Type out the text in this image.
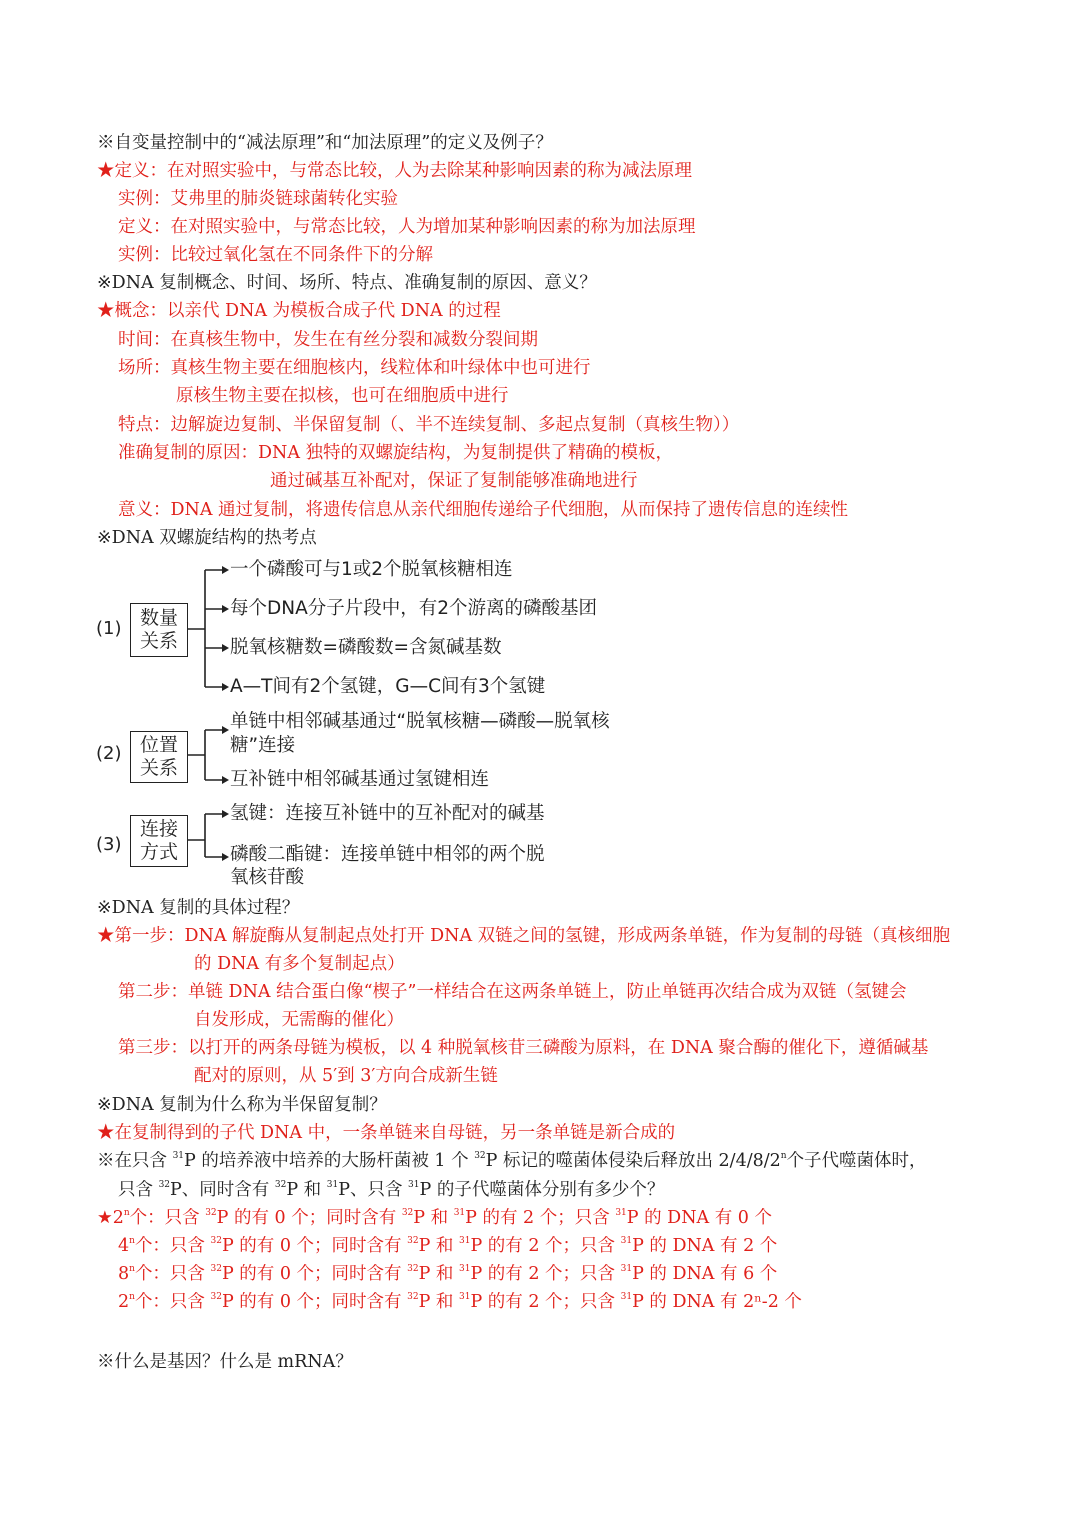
※自变量控制中的“减法原理”和“加法原理”的定义及例子？
★定义：在对照实验中，与常态比较，人为去除某种影响因素的称为减法原理
实例：艾弗里的肺炎链球菌转化实验
定义：在对照实验中，与常态比较，人为增加某种影响因素的称为加法原理
实例：比较过氧化氢在不同条件下的分解
※DNA 复制概念、时间、场所、特点、准确复制的原因、意义？
★概念：以亲代 DNA 为模板合成子代 DNA 的过程
时间：在真核生物中，发生在有丝分裂和减数分裂间期
场所：真核生物主要在细胞核内，线粒体和叶绿体中也可进行
原核生物主要在拟核，也可在细胞质中进行
特点：边解旋边复制、半保留复制（、半不连续复制、多起点复制（真核生物））
准确复制的原因：DNA 独特的双螺旋结构，为复制提供了精确的模板，
通过碱基互补配对，保证了复制能够准确地进行
意义：DNA 通过复制，将遗传信息从亲代细胞传递给子代细胞，从而保持了遗传信息的连续性
※DNA 双螺旋结构的热考点
(1) 数量
关系
一个磷酸可与1或2个脱氧核糖相连
每个DNA分子片段中，有2个游离的磷酸基团
脱氧核糖数=磷酸数=含氮碱基数
A—T间有2个氢键，G—C间有3个氢键
(2) 位置
关系
单链中相邻碱基通过“脱氧核糖—磷酸—脱氧核
糖”连接
互补链中相邻碱基通过氢键相连
(3)
连接
方式
氢键：连接互补链中的互补配对的碱基
磷酸二酯键：连接单链中相邻的两个脱
氧核苷酸
※DNA 复制的具体过程？
★第一步：DNA 解旋酶从复制起点处打开 DNA 双链之间的氢键，形成两条单链，作为复制的母链（真核细胞
的 DNA 有多个复制起点）
第二步：单链 DNA 结合蛋白像“楔子”一样结合在这两条单链上，防止单链再次结合成为双链（氢键会
自发形成，无需酶的催化）
第三步：以打开的两条母链为模板，以 4 种脱氧核苷三磷酸为原料，在 DNA 聚合酶的催化下，遵循碱基
配对的原则，从 5′到 3′方向合成新生链
※DNA 复制为什么称为半保留复制？
★在复制得到的子代 DNA 中，一条单链来自母链，另一条单链是新合成的
※在只含 $^{31}$P 的培养液中培养的大肠杆菌被 1 个 $^{32}$P 标记的噬菌体侵染后释放出 2/4/8/2$^n$个子代噬菌体时，
只含 $^{32}$P、同时含有 $^{32}$P 和 $^{31}$P、只含 $^{31}$P 的子代噬菌体分别有多少个？
★2$^n$个：只含 $^{32}$P 的有 0 个；同时含有 $^{32}$P 和 $^{31}$P 的有 2 个；只含 $^{31}$P 的 DNA 有 0 个
4$^n$个：只含 $^{32}$P 的有 0 个；同时含有 $^{32}$P 和 $^{31}$P 的有 2 个；只含 $^{31}$P 的 DNA 有 2 个
8$^n$个：只含 $^{32}$P 的有 0 个；同时含有 $^{32}$P 和 $^{31}$P 的有 2 个；只含 $^{31}$P 的 DNA 有 6 个
2$^n$个：只含 $^{32}$P 的有 0 个；同时含有 $^{32}$P 和 $^{31}$P 的有 2 个；只含 $^{31}$P 的 DNA 有 2ⁿ-2 个
※什么是基因？什么是 mRNA？
